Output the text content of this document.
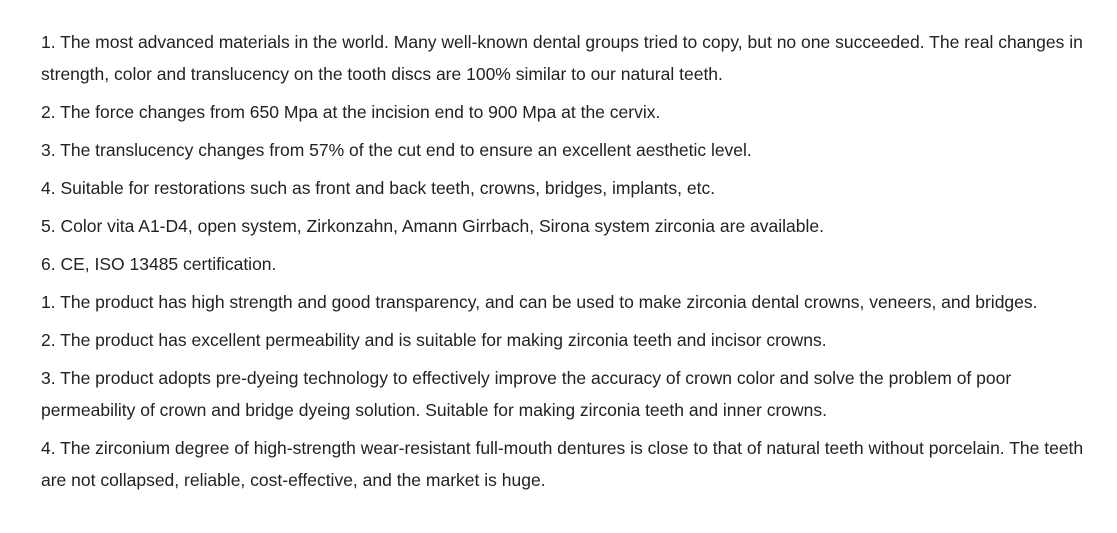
1. The most advanced materials in the world. Many well-known dental groups tried to copy, but no one succeeded. The real changes in strength, color and translucency on the tooth discs are 100% similar to our natural teeth.

2. The force changes from 650 Mpa at the incision end to 900 Mpa at the cervix.

3. The translucency changes from 57% of the cut end to ensure an excellent aesthetic level.

4. Suitable for restorations such as front and back teeth, crowns, bridges, implants, etc.

5. Color vita A1-D4, open system, Zirkonzahn, Amann Girrbach, Sirona system zirconia are available.

6. CE, ISO 13485 certification.

1. The product has high strength and good transparency, and can be used to make zirconia dental crowns, veneers, and bridges.

2. The product has excellent permeability and is suitable for making zirconia teeth and incisor crowns.

3. The product adopts pre-dyeing technology to effectively improve the accuracy of crown color and solve the problem of poor permeability of crown and bridge dyeing solution. Suitable for making zirconia teeth and inner crowns.

4. The zirconium degree of high-strength wear-resistant full-mouth dentures is close to that of natural teeth without porcelain. The teeth are not collapsed, reliable, cost-effective, and the market is huge.
